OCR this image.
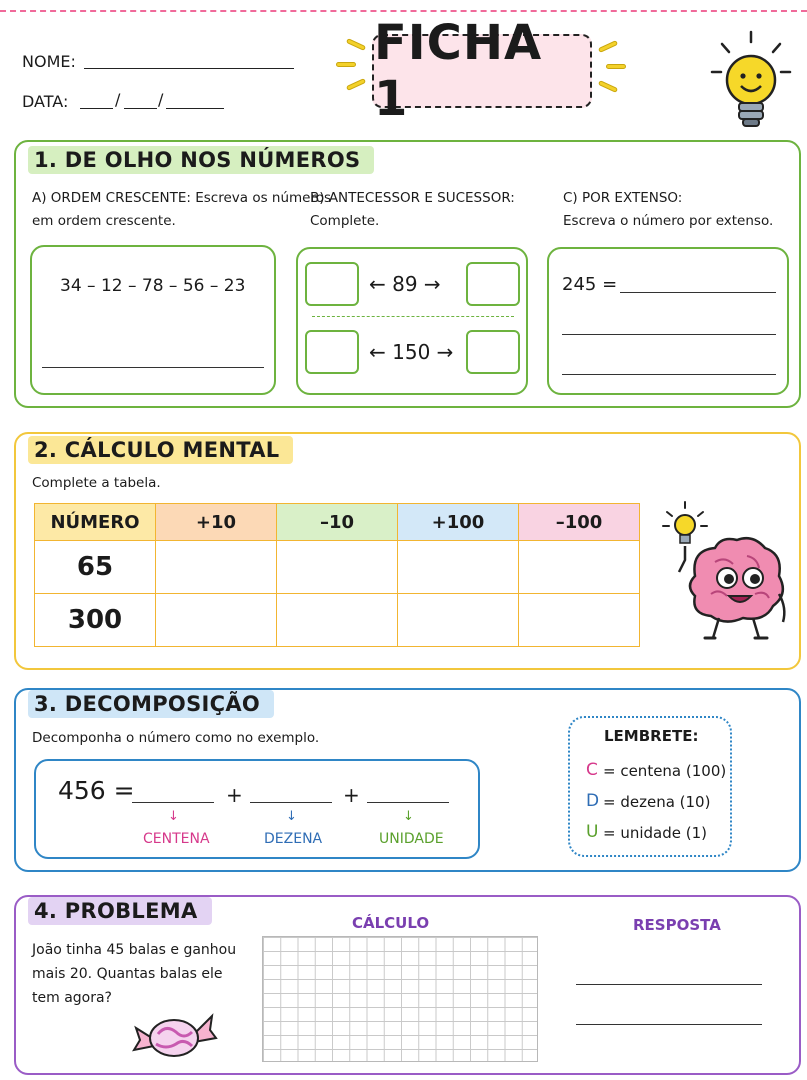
NOME:
DATA:	/ /
FICHA 1
1. DE OLHO NOS NÚMEROS
A) ORDEM CRESCENTE: Escreva os números
em ordem crescente.
34 – 12 – 78 – 56 – 23
B) ANTECESSOR E SUCESSOR:
Complete.
← 89 →
← 150 →
C) POR EXTENSO:
Escreva o número por extenso.
245 =
2. CÁLCULO MENTAL
Complete a tabela.
NÚMERO	+10	–10	+100	–100
65				
300				
3. DECOMPOSIÇÃO
Decomponha o número como no exemplo.
456 =	+	+
↓	↓	↓
CENTENA	DEZENA	UNIDADE
LEMBRETE:
C = centena (100)
D = dezena (10)
U = unidade (1)
4. PROBLEMA	CÁLCULO	RESPOSTA
João tinha 45 balas e ganhou
mais 20. Quantas balas ele
tem agora?
